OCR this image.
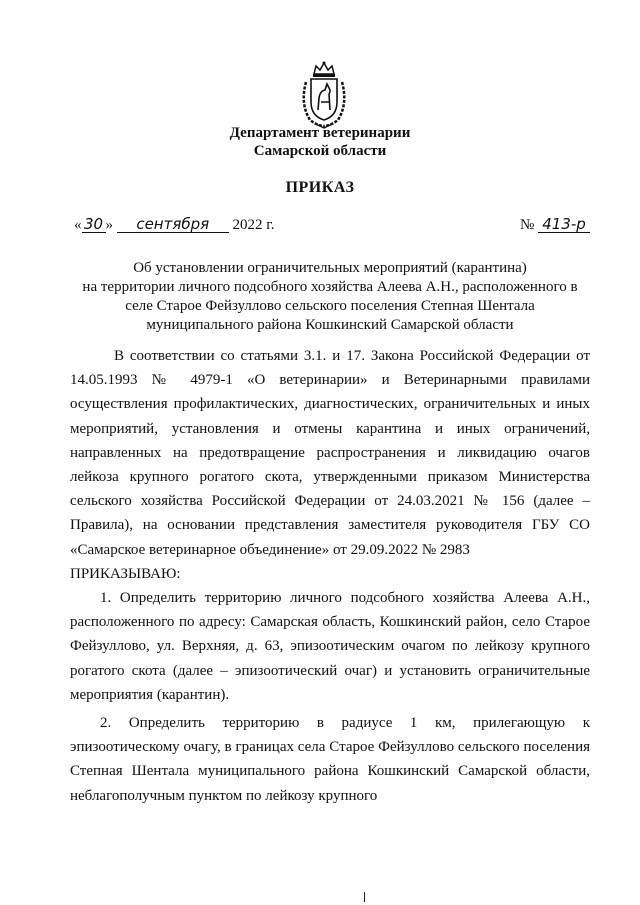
Департамент ветеринарии
Самарской области
ПРИКАЗ
« 30 » сентября 2022 г.	№ 413-р
Об установлении ограничительных мероприятий (карантина)
на территории личного подсобного хозяйства Алеева А.Н., расположенного в
селе Старое Фейзуллово сельского поселения Степная Шентала
муниципального района Кошкинский Самарской области

В соответствии со статьями 3.1. и 17. Закона Российской Федерации от 14.05.1993 № 4979-1 «О ветеринарии» и Ветеринарными правилами осуществления профилактических, диагностических, ограничительных и иных мероприятий, установления и отмены карантина и иных ограничений, направленных на предотвращение распространения и ликвидацию очагов лейкоза крупного рогатого скота, утвержденными приказом Министерства сельского хозяйства Российской Федерации от 24.03.2021 № 156 (далее – Правила), на основании представления заместителя руководителя ГБУ СО «Самарское ветеринарное объединение» от 29.09.2022 № 2983

ПРИКАЗЫВАЮ:

1. Определить территорию личного подсобного хозяйства Алеева А.Н., расположенного по адресу: Самарская область, Кошкинский район, село Старое Фейзуллово, ул. Верхняя, д. 63, эпизоотическим очагом по лейкозу крупного рогатого скота (далее – эпизоотический очаг) и установить ограничительные мероприятия (карантин).

2. Определить территорию в радиусе 1 км, прилегающую к эпизоотическому очагу, в границах села Старое Фейзуллово сельского поселения Степная Шентала муниципального района Кошкинский Самарской области, неблагополучным пунктом по лейкозу крупного
